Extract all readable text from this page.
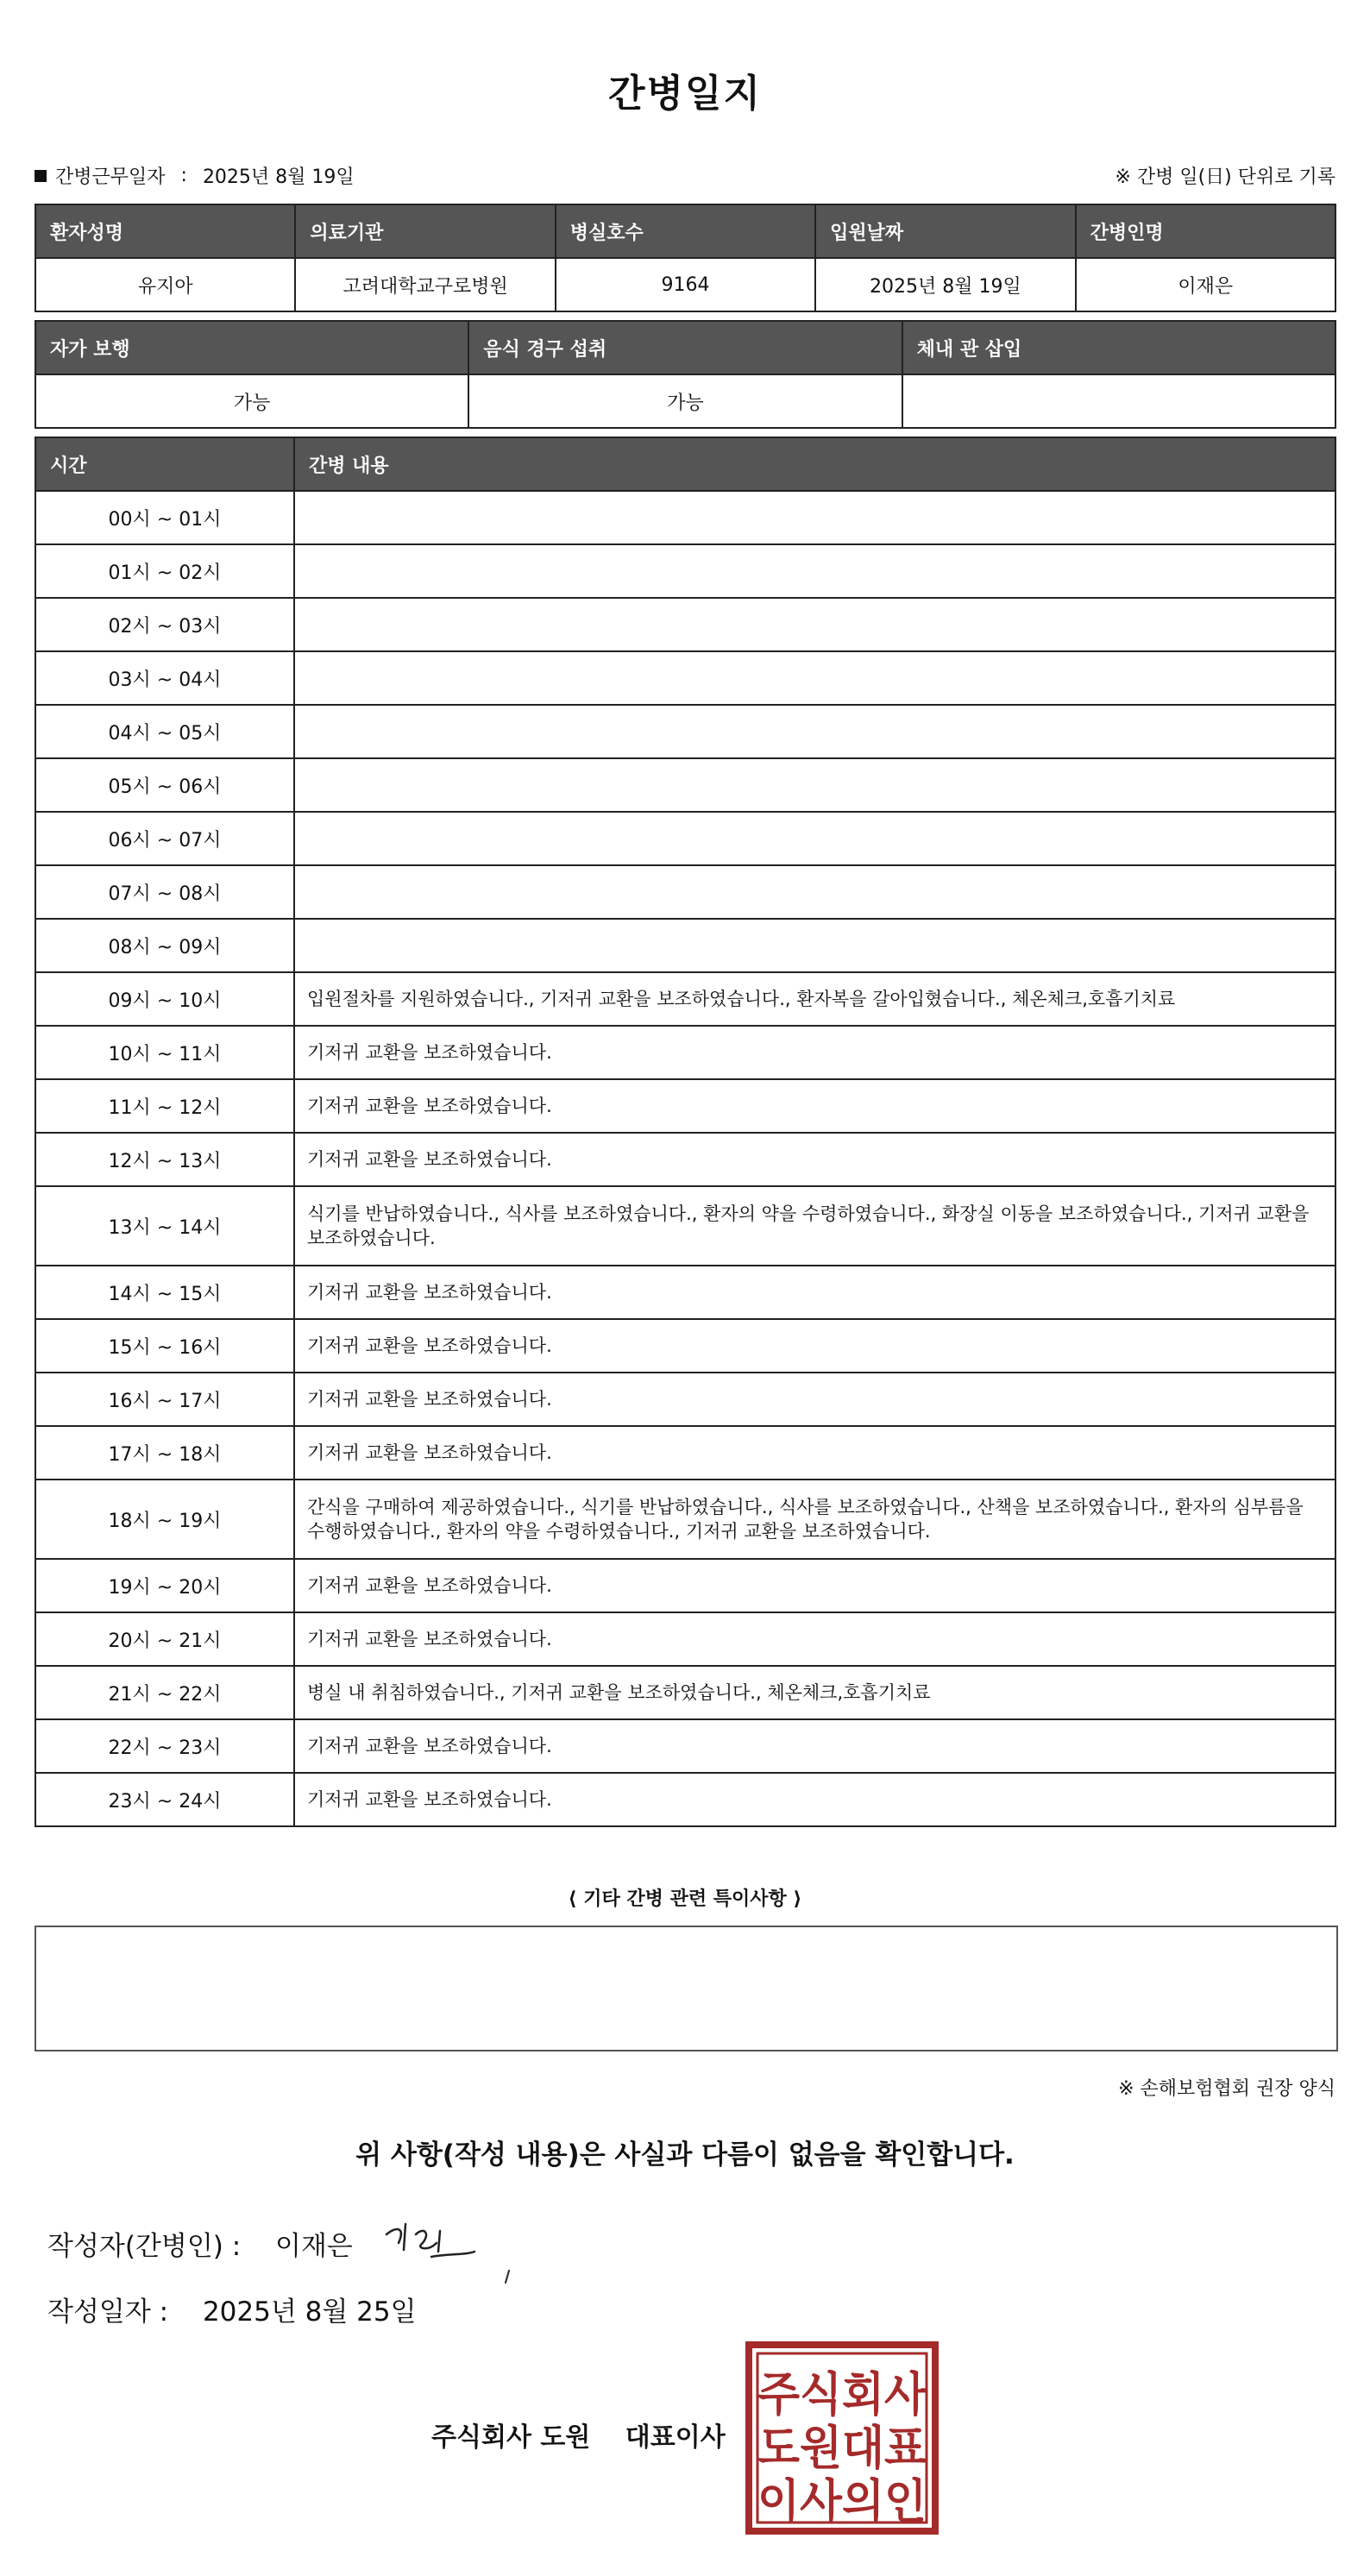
간병일지
간병근무일자 : 2025년 8월 19일	※ 간병 일(日) 단위로 기록
환자성명	의료기관	병실호수	입원날짜	간병인명
유지아	고려대학교구로병원	9164	2025년 8월 19일	이재은
자가 보행	음식 경구 섭취	체내 관 삽입
가능	가능	
시간	간병 내용
00시 ~ 01시	
01시 ~ 02시	
02시 ~ 03시	
03시 ~ 04시	
04시 ~ 05시	
05시 ~ 06시	
06시 ~ 07시	
07시 ~ 08시	
08시 ~ 09시	
09시 ~ 10시	입원절차를 지원하였습니다., 기저귀 교환을 보조하였습니다., 환자복을 갈아입혔습니다., 체온체크,호흡기치료
10시 ~ 11시	기저귀 교환을 보조하였습니다.
11시 ~ 12시	기저귀 교환을 보조하였습니다.
12시 ~ 13시	기저귀 교환을 보조하였습니다.
13시 ~ 14시	식기를 반납하였습니다., 식사를 보조하였습니다., 환자의 약을 수령하였습니다., 화장실 이동을 보조하였습니다., 기저귀 교환을 보조하였습니다.
14시 ~ 15시	기저귀 교환을 보조하였습니다.
15시 ~ 16시	기저귀 교환을 보조하였습니다.
16시 ~ 17시	기저귀 교환을 보조하였습니다.
17시 ~ 18시	기저귀 교환을 보조하였습니다.
18시 ~ 19시	간식을 구매하여 제공하였습니다., 식기를 반납하였습니다., 식사를 보조하였습니다., 산책을 보조하였습니다., 환자의 심부름을 수행하였습니다., 환자의 약을 수령하였습니다., 기저귀 교환을 보조하였습니다.
19시 ~ 20시	기저귀 교환을 보조하였습니다.
20시 ~ 21시	기저귀 교환을 보조하였습니다.
21시 ~ 22시	병실 내 취침하였습니다., 기저귀 교환을 보조하였습니다., 체온체크,호흡기치료
22시 ~ 23시	기저귀 교환을 보조하였습니다.
23시 ~ 24시	기저귀 교환을 보조하였습니다.
⟨ 기타 간병 관련 특이사항 ⟩
※ 손해보험협회 권장 양식
위 사항(작성 내용)은 사실과 다름이 없음을 확인합니다.
작성자(간병인) : 이재은
작성일자 : 2025년 8월 25일
주식회사 도원 대표이사
주식회사
도원대표
이사의인
